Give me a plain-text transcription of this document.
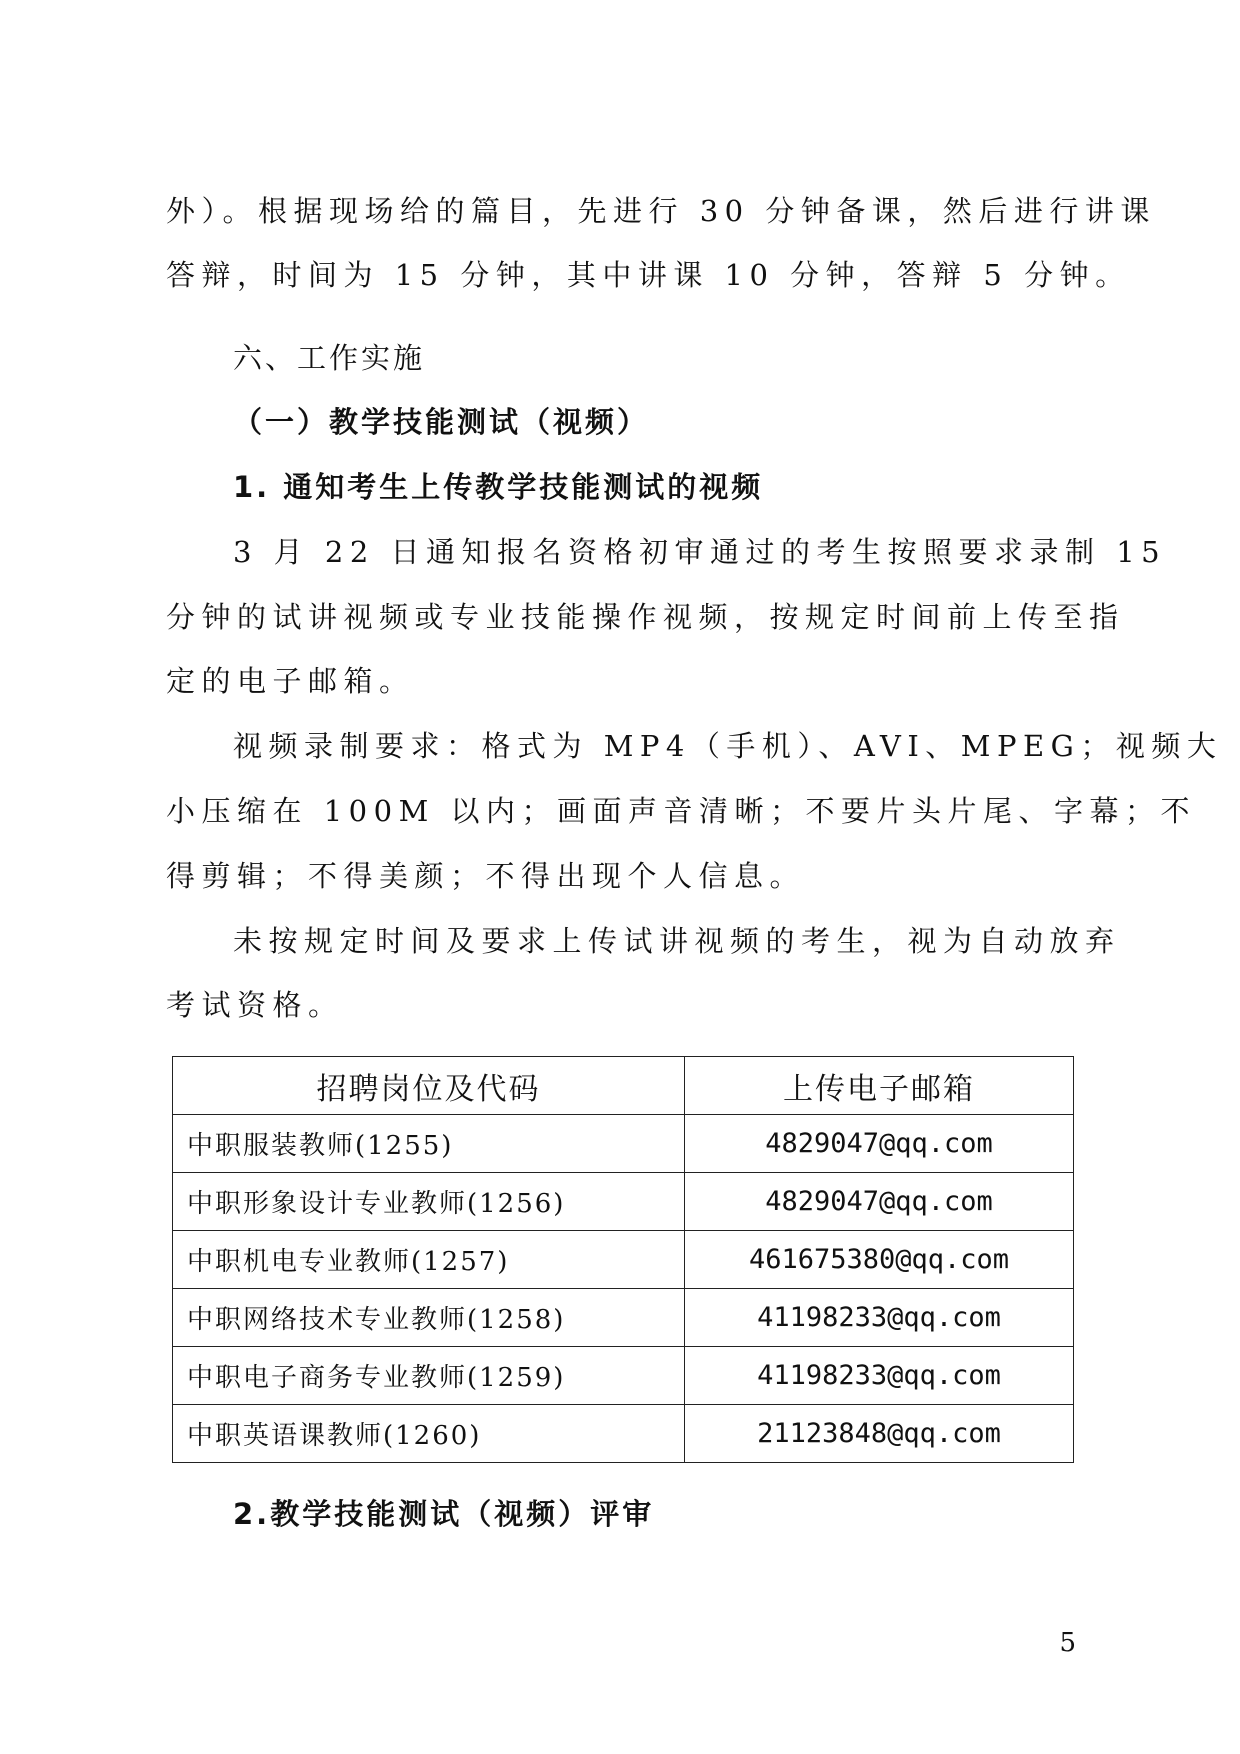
外）。根据现场给的篇目，先进行 30 分钟备课，然后进行讲课
答辩，时间为 15 分钟，其中讲课 10 分钟，答辩 5 分钟。
六、工作实施
（一）教学技能测试（视频）
1. 通知考生上传教学技能测试的视频
3 月 22 日通知报名资格初审通过的考生按照要求录制 15
分钟的试讲视频或专业技能操作视频，按规定时间前上传至指
定的电子邮箱。
视频录制要求：格式为 MP4（手机）、AVI、MPEG；视频大
小压缩在 100M 以内；画面声音清晰；不要片头片尾、字幕；不
得剪辑；不得美颜；不得出现个人信息。
未按规定时间及要求上传试讲视频的考生，视为自动放弃
考试资格。
招聘岗位及代码	上传电子邮箱
中职服装教师(1255)	4829047@qq.com
中职形象设计专业教师(1256)	4829047@qq.com
中职机电专业教师(1257)	461675380@qq.com
中职网络技术专业教师(1258)	41198233@qq.com
中职电子商务专业教师(1259)	41198233@qq.com
中职英语课教师(1260)	21123848@qq.com
2.教学技能测试（视频）评审
5
